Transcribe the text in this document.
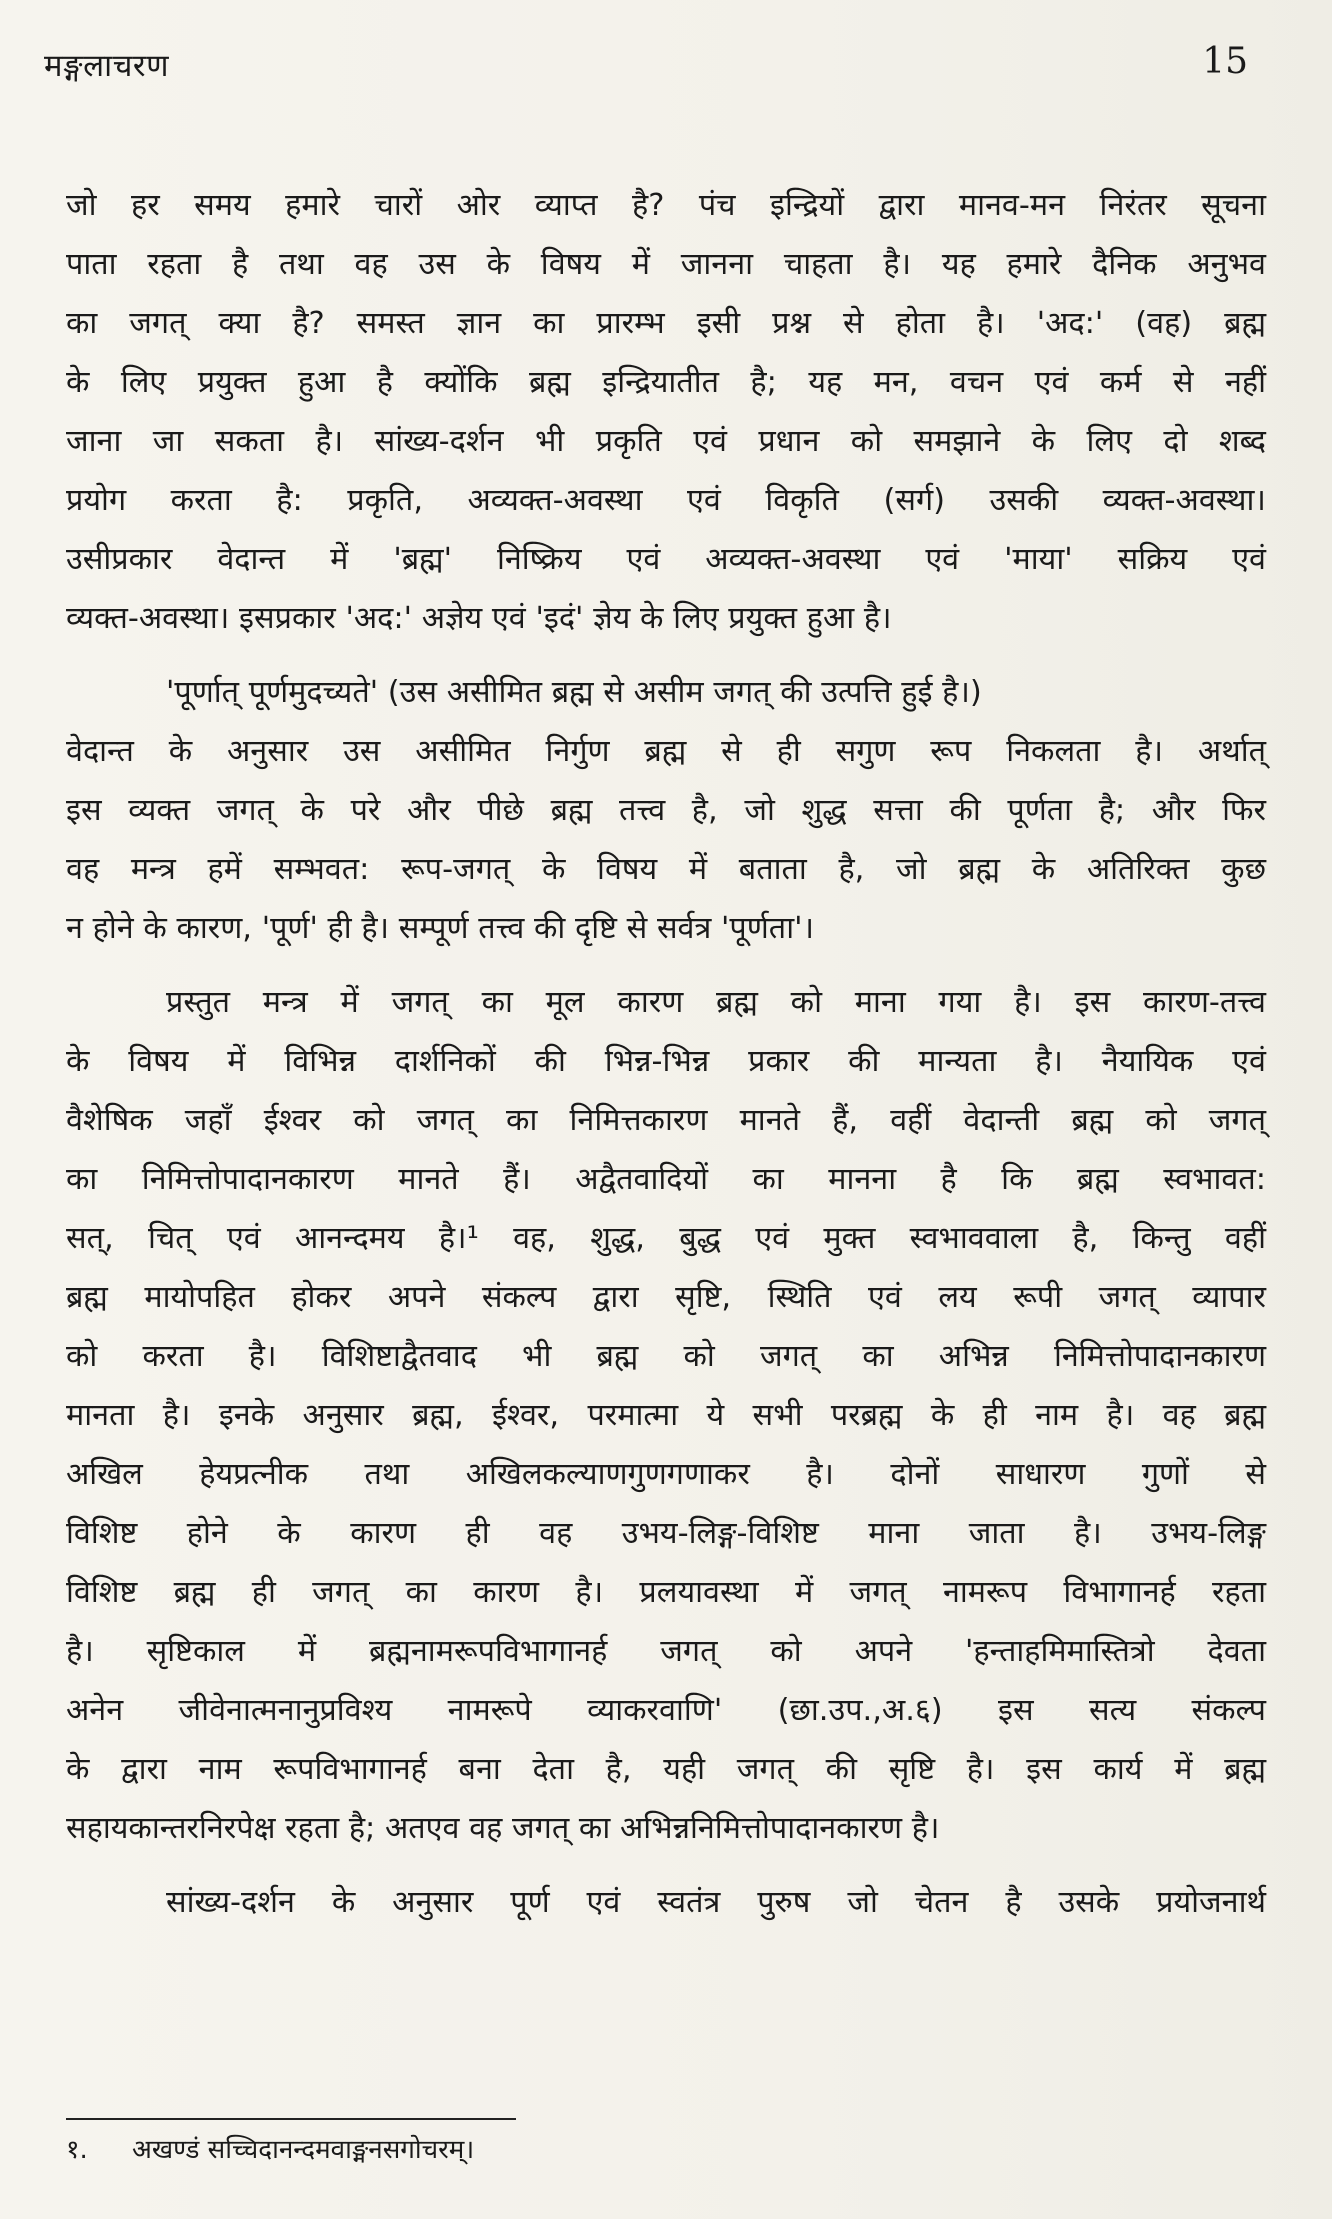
मङ्गलाचरण	15

जो हर समय हमारे चारों ओर व्याप्त है? पंच इन्द्रियों द्वारा मानव-मन निरंतर सूचना
पाता रहता है तथा वह उस के विषय में जानना चाहता है। यह हमारे दैनिक अनुभव
का जगत् क्या है? समस्त ज्ञान का प्रारम्भ इसी प्रश्न से होता है। 'अद:' (वह) ब्रह्म
के लिए प्रयुक्त हुआ है क्योंकि ब्रह्म इन्द्रियातीत है; यह मन, वचन एवं कर्म से नहीं
जाना जा सकता है। सांख्य-दर्शन भी प्रकृति एवं प्रधान को समझाने के लिए दो शब्द
प्रयोग करता है: प्रकृति, अव्यक्त-अवस्था एवं विकृति (सर्ग) उसकी व्यक्त-अवस्था।
उसीप्रकार वेदान्त में 'ब्रह्म' निष्क्रिय एवं अव्यक्त-अवस्था एवं 'माया' सक्रिय एवं
व्यक्त-अवस्था। इसप्रकार 'अद:' अज्ञेय एवं 'इदं' ज्ञेय के लिए प्रयुक्त हुआ है।

'पूर्णात् पूर्णमुदच्यते' (उस असीमित ब्रह्म से असीम जगत् की उत्पत्ति हुई है।)
वेदान्त के अनुसार उस असीमित निर्गुण ब्रह्म से ही सगुण रूप निकलता है। अर्थात्
इस व्यक्त जगत् के परे और पीछे ब्रह्म तत्त्व है, जो शुद्ध सत्ता की पूर्णता है; और फिर
वह मन्त्र हमें सम्भवत: रूप-जगत् के विषय में बताता है, जो ब्रह्म के अतिरिक्त कुछ
न होने के कारण, 'पूर्ण' ही है। सम्पूर्ण तत्त्व की दृष्टि से सर्वत्र 'पूर्णता'।

प्रस्तुत मन्त्र में जगत् का मूल कारण ब्रह्म को माना गया है। इस कारण-तत्त्व
के विषय में विभिन्न दार्शनिकों की भिन्न-भिन्न प्रकार की मान्यता है। नैयायिक एवं
वैशेषिक जहाँ ईश्वर को जगत् का निमित्तकारण मानते हैं, वहीं वेदान्ती ब्रह्म को जगत्
का निमित्तोपादानकारण मानते हैं। अद्वैतवादियों का मानना है कि ब्रह्म स्वभावत:
सत्, चित् एवं आनन्दमय है।¹ वह, शुद्ध, बुद्ध एवं मुक्त स्वभाववाला है, किन्तु वहीं
ब्रह्म मायोपहित होकर अपने संकल्प द्वारा सृष्टि, स्थिति एवं लय रूपी जगत् व्यापार
को करता है। विशिष्टाद्वैतवाद भी ब्रह्म को जगत् का अभिन्न निमित्तोपादानकारण
मानता है। इनके अनुसार ब्रह्म, ईश्वर, परमात्मा ये सभी परब्रह्म के ही नाम है। वह ब्रह्म
अखिल हेयप्रत्नीक तथा अखिलकल्याणगुणगणाकर है। दोनों साधारण गुणों से
विशिष्ट होने के कारण ही वह उभय-लिङ्ग-विशिष्ट माना जाता है। उभय-लिङ्ग
विशिष्ट ब्रह्म ही जगत् का कारण है। प्रलयावस्था में जगत् नामरूप विभागानर्ह रहता
है। सृष्टिकाल में ब्रह्मनामरूपविभागानर्ह जगत् को अपने 'हन्ताहमिमास्तित्रो देवता
अनेन जीवेनात्मनानुप्रविश्य नामरूपे व्याकरवाणि' (छा.उप.,अ.६) इस सत्य संकल्प
के द्वारा नाम रूपविभागानर्ह बना देता है, यही जगत् की सृष्टि है। इस कार्य में ब्रह्म
सहायकान्तरनिरपेक्ष रहता है; अतएव वह जगत् का अभिन्ननिमित्तोपादानकारण है।

सांख्य-दर्शन के अनुसार पूर्ण एवं स्वतंत्र पुरुष जो चेतन है उसके प्रयोजनार्थ

१. अखण्डं सच्चिदानन्दमवाङ्मनसगोचरम्।
